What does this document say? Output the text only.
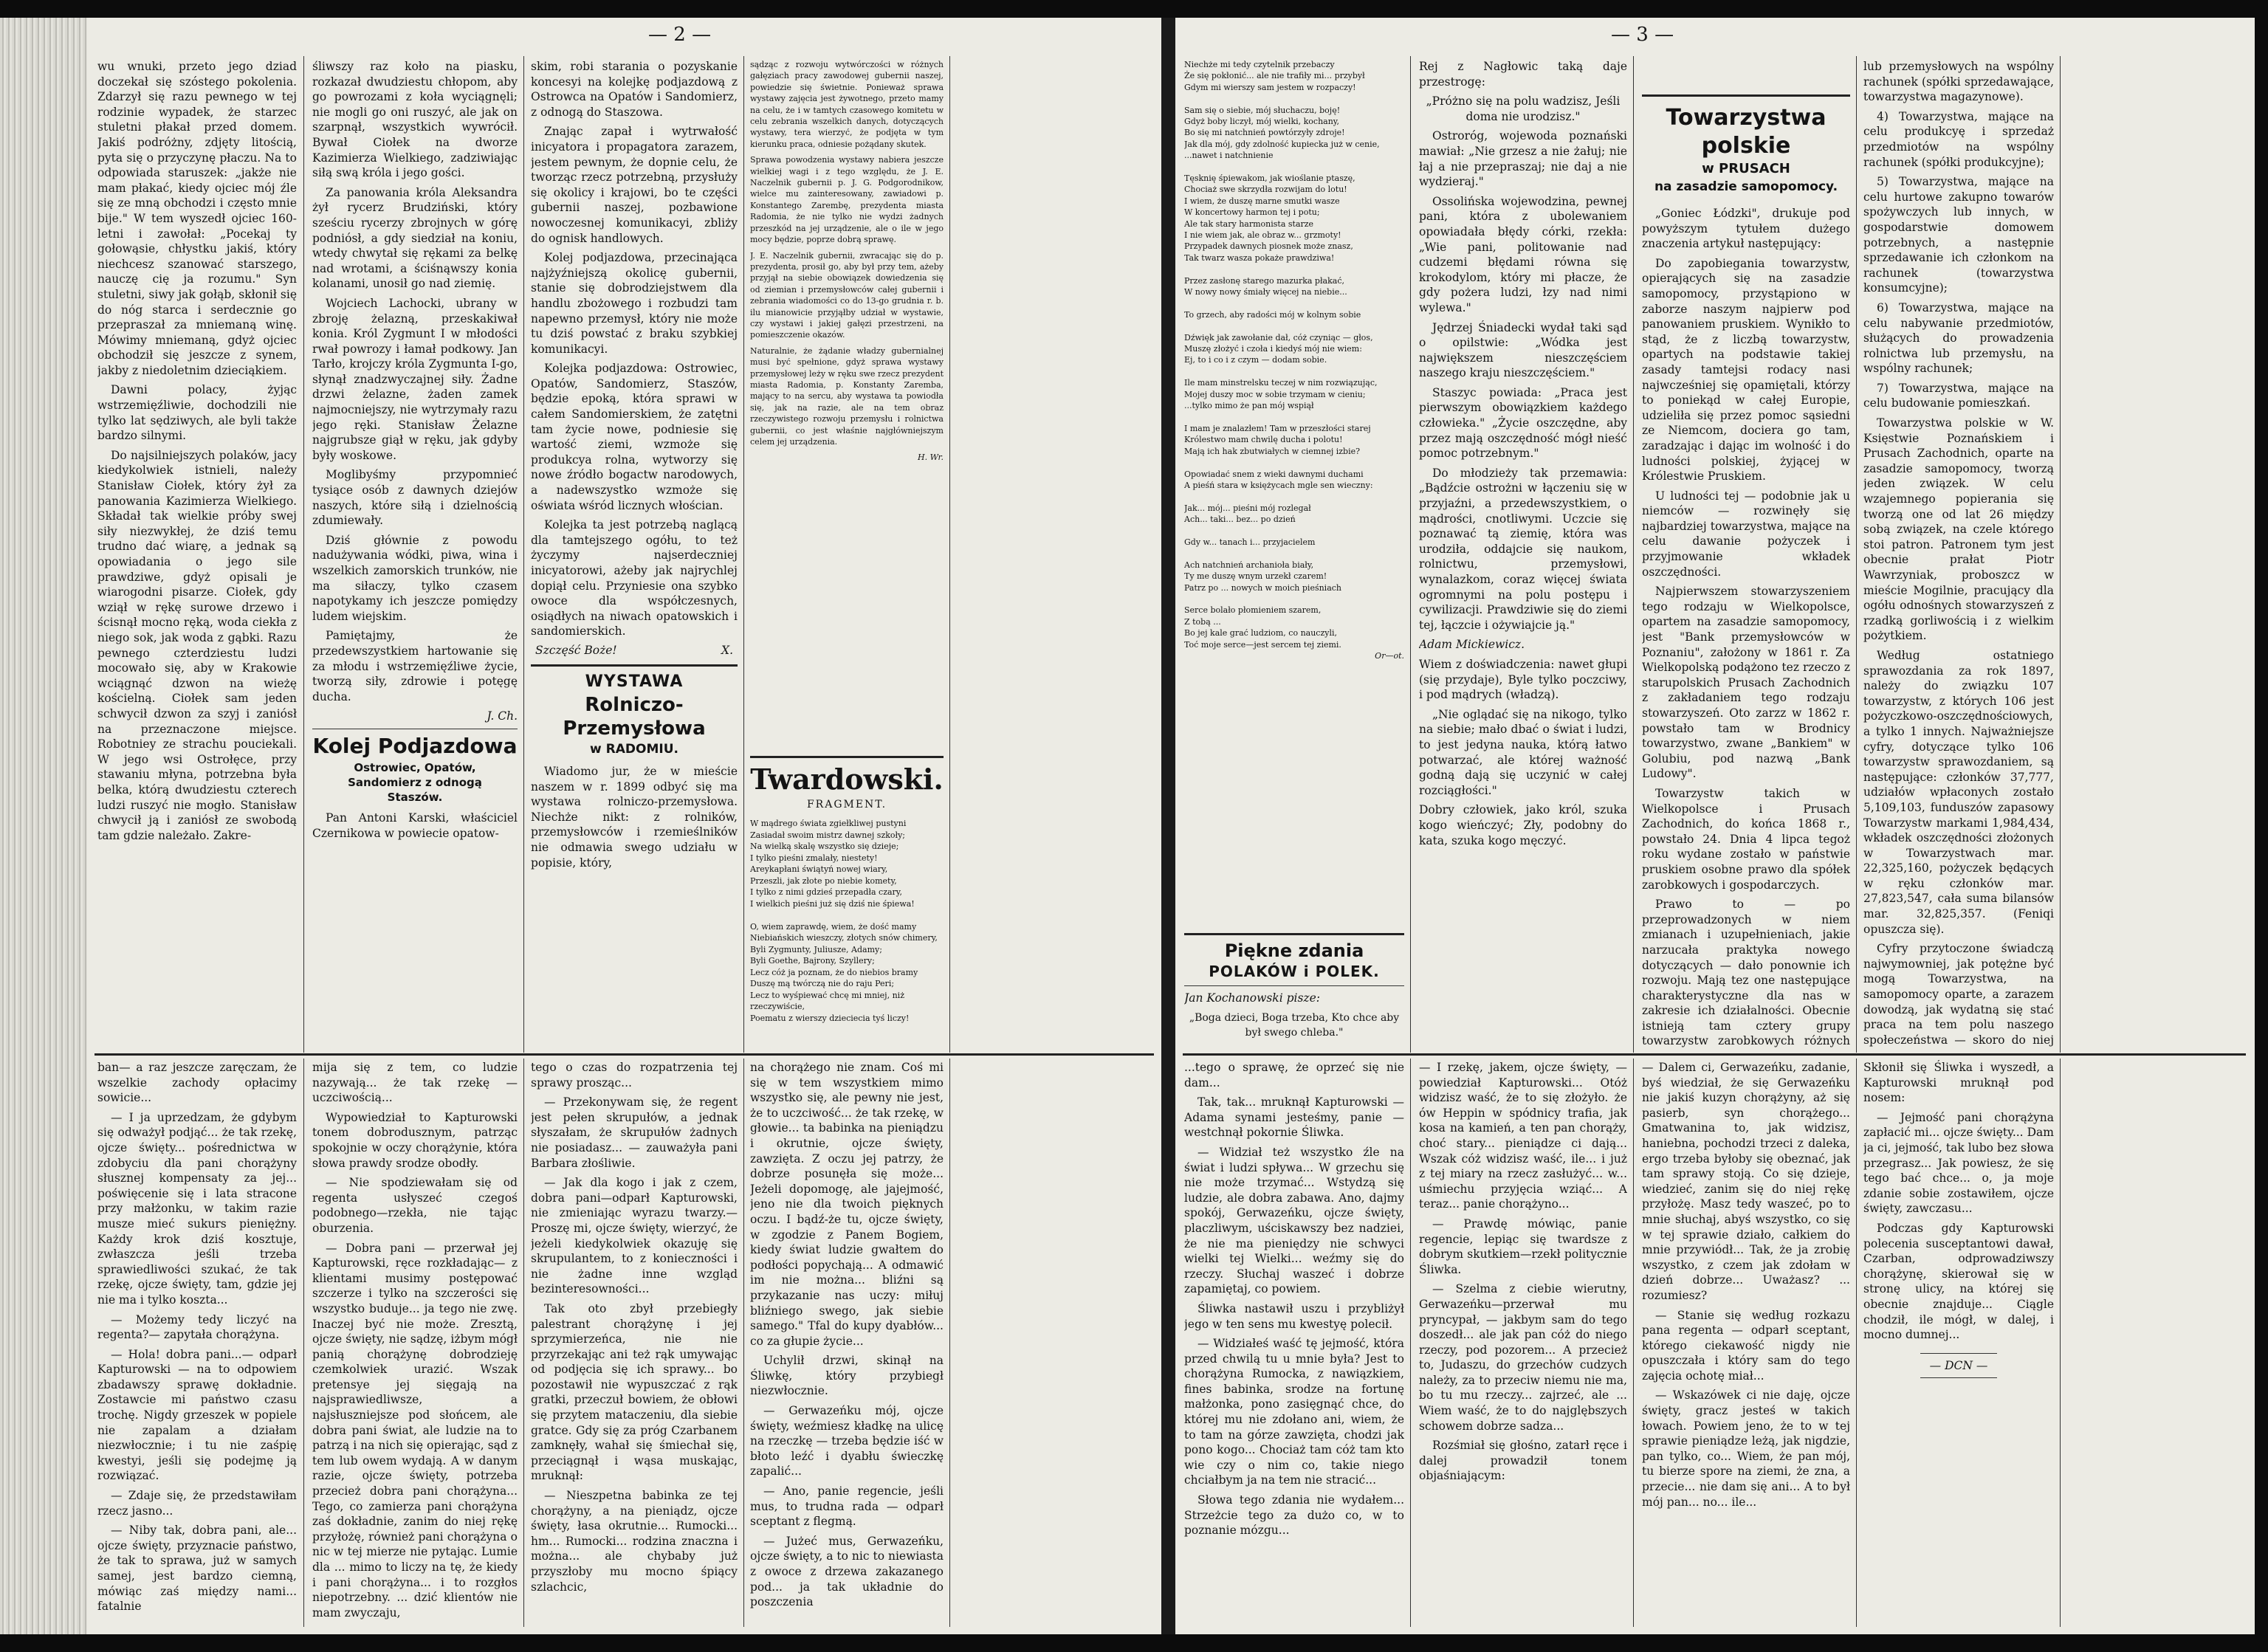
— 2 —

wu wnuki, przeto jego dziad doczekał się szóstego pokolenia. Zdarzył się razu pewnego w tej rodzinie wypadek, że starzec stuletni płakał przed domem. Jakiś podróżny, zdjęty litością, pyta się o przyczynę płaczu. Na to odpowiada staruszek: „jakże nie mam płakać, kiedy ojciec mój źle się ze mną obchodzi i często mnie bije." W tem wyszedł ojciec 160-letni i zawołał: „Pocekaj ty gołowąsie, chłystku jakiś, który niechcesz szanować starszego, nauczę cię ja rozumu." Syn stuletni, siwy jak gołąb, skłonił się do nóg starca i serdecznie go przepraszał za mniemaną winę. Mówimy mniemaną, gdyż ojciec obchodził się jeszcze z synem, jakby z niedoletnim dzieciąkiem.

Dawni polacy, żyjąc wstrzemięźliwie, dochodzili nie tylko lat sędziwych, ale byli także bardzo silnymi.

Do najsilniejszych polaków, jacy kiedykolwiek istnieli, należy Stanisław Ciołek, który żył za panowania Kazimierza Wielkiego. Składał tak wielkie próby swej siły niezwykłej, że dziś temu trudno dać wiarę, a jednak są opowiadania o jego sile prawdziwe, gdyż opisali je wiarogodni pisarze. Ciołek, gdy wziął w rękę surowe drzewo i ścisnął mocno ręką, woda ciekła z niego sok, jak woda z gąbki. Razu pewnego czterdziestu ludzi mocowało się, aby w Krakowie wciągnąć dzwon na wieżę kościelną. Ciołek sam jeden schwycił dzwon za szyj i zaniósł na przeznaczone miejsce. Robotniey ze strachu pouciekali. W jego wsi Ostrołęce, przy stawaniu młyna, potrzebna była belka, którą dwudziestu czterech ludzi ruszyć nie mogło. Stanisław chwycił ją i zaniósł ze swobodą tam gdzie należało. Zakre-

śliwszy raz koło na piasku, rozkazał dwudziestu chłopom, aby go powrozami z koła wyciągnęli; nie mogli go oni ruszyć, ale jak on szarpnął, wszystkich wywrócił. Bywał Ciołek na dworze Kazimierza Wielkiego, zadziwiając siłą swą króla i jego gości.

Za panowania króla Aleksandra żył rycerz Brudziński, który sześciu rycerzy zbrojnych w górę podniósł, a gdy siedział na koniu, wtedy chwytał się rękami za belkę nad wrotami, a ściśnąwszy konia kolanami, unosił go nad ziemię.

Wojciech Lachocki, ubrany w zbroję żelazną, przeskakiwał konia. Król Zygmunt I w młodości rwał powrozy i łamał podkowy. Jan Tarło, krojczy króla Zygmunta I-go, słynął znadzwyczajnej siły. Żadne drzwi żelazne, żaden zamek najmocniejszy, nie wytrzymały razu jego ręki. Stanisław Żelazne najgrubsze giął w ręku, jak gdyby były woskowe.

Moglibyśmy przypomnieć tysiące osób z dawnych dziejów naszych, które siłą i dzielnością zdumiewały.

Dziś głównie z powodu nadużywania wódki, piwa, wina i wszelkich zamorskich trunków, nie ma siłaczy, tylko czasem napotykamy ich jeszcze pomiędzy ludem wiejskim.

Pamiętajmy, że przedewszystkiem hartowanie się za młodu i wstrzemięźliwe życie, tworzą siły, zdrowie i potęgę ducha.

J. Ch.

Kolej Podjazdowa
Ostrowiec, Opatów, Sandomierz z odnogą Staszów.

Pan Antoni Karski, właściciel Czernikowa w powiecie opatow-

skim, robi starania o pozyskanie koncesyi na kolejkę podjazdową z Ostrowca na Opatów i Sandomierz, z odnogą do Staszowa.

Znając zapał i wytrwałość inicyatora i propagatora zarazem, jestem pewnym, że dopnie celu, że tworząc rzecz potrzebną, przysłuży się okolicy i krajowi, bo te części gubernii naszej, pozbawione nowoczesnej komunikacyi, zbliży do ognisk handlowych.

Kolej podjazdowa, przecinająca najżyźniejszą okolicę gubernii, stanie się dobrodziejstwem dla handlu zbożowego i rozbudzi tam napewno przemysł, który nie może tu dziś powstać z braku szybkiej komunikacyi.

Kolejka podjazdowa: Ostrowiec, Opatów, Sandomierz, Staszów, będzie epoką, która sprawi w całem Sandomierskiem, że zatętni tam życie nowe, podniesie się wartość ziemi, wzmoże się produkcya rolna, wytworzy się nowe źródło bogactw narodowych, a nadewszystko wzmoże się oświata wśród licznych włościan.

Kolejka ta jest potrzebą naglącą dla tamtejszego ogółu, to też życzymy najserdeczniej inicyatorowi, ażeby jak najrychlej dopiął celu. Przyniesie ona szybko owoce dla współczesnych, osiądłych na niwach opatowskich i sandomierskich.

Szczęść Boże!	X.
WYSTAWA
Rolniczo-Przemysłowa
w RADOMIU.

Wiadomo jur, że w mieście naszem w r. 1899 odbyć się ma wystawa rolniczo-przemysłowa. Niechże nikt: z rolników, przemysłowców i rzemieślników nie odmawia swego udziału w popisie, który,

sądząc z rozwoju wytwórczości w różnych gałęziach pracy zawodowej gubernii naszej, powiedzie się świetnie. Ponieważ sprawa wystawy zajęcia jest żywotnego, przeto mamy na celu, że i w tamtych czasowego komitetu w celu zebrania wszelkich danych, dotyczących wystawy, tera wierzyć, że podjęta w tym kierunku praca, odniesie pożądany skutek.

Sprawa powodzenia wystawy nabiera jeszcze wielkiej wagi i z tego względu, że J. E. Naczelnik gubernii p. J. G. Podgorodnikow, wielce mu zainteresowany, zawiadowi p. Konstantego Zarembę, prezydenta miasta Radomia, że nie tylko nie wydzi żadnych przeszkód na jej urządzenie, ale o ile w jego mocy będzie, poprze dobrą sprawę.

J. E. Naczelnik gubernii, zwracając się do p. prezydenta, prosił go, aby był przy tem, ażeby przyjął na siebie obowiązek dowiedzenia się od ziemian i przemysłowców całej gubernii i zebrania wiadomości co do 13-go grudnia r. b. ilu mianowicie przyjąłby udział w wystawie, czy wystawi i jakiej gałęzi przestrzeni, na pomieszczenie okazów.

Naturalnie, że żądanie władzy gubernialnej musi być spełnione, gdyż sprawa wystawy przemysłowej leży w ręku swe rzecz prezydent miasta Radomia, p. Konstanty Zaremba, mający to na sercu, aby wystawa ta powiodła się, jak na razie, ale na tem obraz rzeczywistego rozwoju przemysłu i rolnictwa gubernii, co jest właśnie najgłówniejszym celem jej urządzenia.

H. Wr.

Twardowski.
FRAGMENT.
W mądrego świata zgiełkliwej pustyni
Zasiadał swoim mistrz dawnej szkoły;
Na wielką skalę wszystko się dzieje;
I tylko pieśni zmalały, niestety!
Areykapłani świątyń nowej wiary,
Przeszli, jak złote po niebie komety,
I tylko z nimi gdzieś przepadła czary,
I wielkich pieśni już się dziś nie śpiewa!
O, wiem zaprawdę, wiem, że dość mamy
Niebiańskich wieszczy, złotych snów chimery,
Byli Zygmunty, Juliusze, Adamy;
Byli Goethe, Bajrony, Szyllery;
Lecz cóż ja poznam, że do niebios bramy
Duszę mą twórczą nie do raju Peri;
Lecz to wyśpiewać chcę mi mniej, niż rzeczywiście,
Poematu z wierszy dzieciecia tyś liczy!

ban— a raz jeszcze zaręczam, że wszelkie zachody opłacimy sowicie...

— I ja uprzedzam, że gdybym się odważył podjąć... że tak rzekę, ojcze święty... pośrednictwa w zdobyciu dla pani chorążyny słusznej kompensaty za jej... poświęcenie się i lata stracone przy małżonku, w takim razie musze mieć sukurs pieniężny. Każdy krok dziś kosztuje, zwłaszcza jeśli trzeba sprawiedliwości szukać, że tak rzekę, ojcze święty, tam, gdzie jej nie ma i tylko koszta...

— Możemy tedy liczyć na regenta?— zapytała chorążyna.

— Hola! dobra pani...— odparł Kapturowski — na to odpowiem zbadawszy sprawę dokładnie. Zostawcie mi państwo czasu trochę. Nigdy grzeszek w popiele nie zapalam a działam niezwłocznie; i tu nie zaśpię kwestyi, jeśli się podejmę ją rozwiązać.

— Zdaje się, że przedstawiłam rzecz jasno...

— Niby tak, dobra pani, ale... ojcze święty, przyznacie państwo, że tak to sprawa, już w samych samej, jest bardzo ciemną, mówiąc zaś między nami... fatalnie

mija się z tem, co ludzie nazywają... że tak rzekę — uczciwością...

Wypowiedział to Kapturowski tonem dobrodusznym, patrząc spokojnie w oczy chorążynie, która słowa prawdy srodze obodły.

— Nie spodziewałam się od regenta usłyszeć czegoś podobnego—rzekła, nie tając oburzenia.

— Dobra pani — przerwał jej Kapturowski, ręce rozkładając— z klientami musimy postępować szczerze i tylko na szczerości się wszystko buduje... ja tego nie zwę. Inaczej być nie może. Zresztą, ojcze święty, nie sądzę, iżbym mógł panią chorążynę dobrodzieję czemkolwiek urazić. Wszak pretensye jej sięgają na najsprawiedliwsze, a najsłuszniejsze pod słońcem, ale dobra pani świat, ale ludzie na to patrzą i na nich się opierając, sąd z tem lub owem wydają. A w danym razie, ojcze święty, potrzeba przecież dobra pani chorążyna... Tego, co zamierza pani chorążyna zaś dokładnie, zanim do niej rękę przyłożę, również pani chorążyna o nic w tej mierze nie pytając. Lumie dla ... mimo to liczy na tę, że kiedy i pani chorążyna... i to rozgłos niepotrzebny. ... dzić klientów nie mam zwyczaju,

tego o czas do rozpatrzenia tej sprawy prosząc...

— Przekonywam się, że regent jest pełen skrupułów, a jednak słyszałam, że skrupułów żadnych nie posiadasz... — zauważyła pani Barbara złośliwie.

— Jak dla kogo i jak z czem, dobra pani—odparł Kapturowski, nie zmieniając wyrazu twarzy.— Proszę mi, ojcze święty, wierzyć, że jeżeli kiedykolwiek okazuję się skrupulantem, to z konieczności i nie żadne inne wzgląd bezinteresowności...

Tak oto zbył przebiegły palestrant chorążynę i jej sprzymierzeńca, nie nie przyrzekając ani też rąk umywając od podjęcia się ich sprawy... bo pozostawił nie wypuszczać z rąk gratki, przeczuł bowiem, że obłowi się przytem mataczeniu, dla siebie gratce. Gdy się za próg Czarbanem zamknęły, wahał się śmiechał się, przeciągnął i wąsa muskając, mruknął:

— Nieszpetna babinka ze tej chorążyny, a na pieniądz, ojcze święty, łasa okrutnie... Rumocki... hm... Rumocki... rodzina znaczna i można... ale chybaby już przyszłoby mu mocno śpiący szlachcic,

na chorążego nie znam. Coś mi się w tem wszystkiem mimo wszystko się, ale pewny nie jest, że to uczciwość... że tak rzekę, w głowie... ta babinka na pieniądzu i okrutnie, ojcze święty, zawzięta. Z oczu jej patrzy, że dobrze posunęła się może... Jeżeli dopomogę, ale jajejmość, jeno nie dla twoich pięknych oczu. I bądź-że tu, ojcze święty, w zgodzie z Panem Bogiem, kiedy świat ludzie gwałtem do podłości popychają... A odmawić im nie można... bliźni są przykazanie nas uczy: miłuj bliźniego swego, jak siebie samego." Tfal do kupy dyabłów... co za głupie życie...

Uchylił drzwi, skinął na Śliwkę, który przybiegł niezwłocznie.

— Gerwazeńku mój, ojcze święty, weźmiesz kładkę na ulicę na rzeczkę — trzeba będzie iść w błoto leźć i dyabłu świeczkę zapalić...

— Ano, panie regencie, jeśli mus, to trudna rada — odparł sceptant z flegmą.

— Jużeć mus, Gerwazeńku, ojcze święty, a to nic to niewiasta z owoce z drzewa zakazanego pod... ja tak układnie do poszczenia

— 3 —
Niechże mi tedy czytelnik przebaczy
Że się pokłonić... ale nie trafiły mi... przybył
Gdym mi wierszy sam jestem w rozpaczy!
Sam się o siebie, mój słuchaczu, boję!
Gdyż boby liczył, mój wielki, kochany,
Bo się mi natchnień powtórzyły zdroje!
Jak dla mój, gdy zdolność kupiecka już w cenie,
...nawet i natchnienie
Tęsknię śpiewakom, jak wioślanie ptaszę,
Chociaż swe skrzydła rozwijam do lotu!
I wiem, że duszę marne smutki wasze
W koncertowy harmon tej i potu;
Ale tak stary harmonista starze
I nie wiem jak, ale obraz w... grzmoty!
Przypadek dawnych piosnek może znasz,
Tak twarz wasza pokaże prawdziwa!
Przez zasłonę starego mazurka płakać,
W nowy nowy śmiały więcej na niebie...
To grzech, aby radości mój w kolnym sobie
Dźwięk jak zawołanie dał, cóż czyniąc — głos,
Muszę złożyć i czoła i kiedyś mój nie wiem:
Ej, to i co i z czym — dodam sobie.
Ile mam minstrelsku teczej w nim rozwiązując,
Mojej duszy moc w sobie trzymam w cieniu;
...tylko mimo że pan mój wspiął
I mam je znalazłem! Tam w przeszłości starej
Królestwo mam chwilę ducha i polotu!
Mają ich hak zbutwiałych w ciemnej izbie?
Opowiadać snem z wieki dawnymi duchami
A pieśń stara w księżycach mgle sen wieczny:
Jak... mój... pieśni mój rozlegał
Ach... taki... bez... po dzień
Gdy w... tanach i... przyjacielem
Ach natchnień archanioła biały,
Ty me duszę wnym urzekł czarem!
Patrz po ... nowych w moich pieśniach
Serce bolało płomieniem szarem,
Z tobą ...
Bo jej kale grać ludziom, co nauczyli,
Toć moje serce—jest sercem tej ziemi.

Or—ot.

Piękne zdania
POLAKÓW i POLEK.

Jan Kochanowski pisze:

„Boga dzieci, Boga trzeba, Kto chce aby był swego chleba."

Rej z Nagłowic taką daje przestrogę:

„Próżno się na polu wadzisz, Jeśli doma nie urodzisz."

Ostroróg, wojewoda poznański mawiał: „Nie grzesz a nie żałuj; nie łaj a nie przepraszaj; nie daj a nie wydzieraj."

Ossolińska wojewodzina, pewnej pani, która z ubolewaniem opowiadała błędy córki, rzekła: „Wie pani, politowanie nad cudzemi błędami równa się krokodylom, który mi płacze, że gdy pożera ludzi, łzy nad nimi wylewa."

Jędrzej Śniadecki wydał taki sąd o opilstwie: „Wódka jest największem nieszczęściem naszego kraju nieszczęściem."

Staszyc powiada: „Praca jest pierwszym obowiązkiem każdego człowieka." „Życie oszczędne, aby przez mają oszczędność mógł nieść pomoc potrzebnym."

Do młodzieży tak przemawia: „Bądźcie ostrożni w łączeniu się w przyjaźni, a przedewszystkiem, o mądrości, cnotliwymi. Uczcie się poznawać tą ziemię, która was urodziła, oddajcie się naukom, rolnictwu, przemysłowi, wynalazkom, coraz więcej świata ogromnymi na polu postępu i cywilizacji. Prawdziwie się do ziemi tej, łączcie i ożywiajcie ją."

Adam Mickiewicz.

Wiem z doświadczenia: nawet głupi (się przydaje), Byle tylko poczciwy, i pod mądrych (władzą).

„Nie oglądać się na nikogo, tylko na siebie; mało dbać o świat i ludzi, to jest jedyna nauka, którą łatwo potwarzać, ale której ważność godną dają się uczynić w całej rozciągłości."

Dobry człowiek, jako król, szuka kogo wieńczyć; Zły, podobny do kata, szuka kogo męczyć.

Towarzystwa polskie
w PRUSACH
na zasadzie samopomocy.

„Goniec Łódzki", drukuje pod powyższym tytułem dużego znaczenia artykuł następujący:

Do zapobiegania towarzystw, opierających się na zasadzie samopomocy, przystąpiono w zaborze naszym najpierw pod panowaniem pruskiem. Wynikło to stąd, że z liczbą towarzystw, opartych na podstawie takiej zasady tamtejsi rodacy nasi najwcześniej się opamiętali, którzy to poniekąd w całej Europie, udzieliła się przez pomoc sąsiedni ze Niemcom, dociera go tam, zaradzając i dając im wolność i do ludności polskiej, żyjącej w Królestwie Pruskiem.

U ludności tej — podobnie jak u niemców — rozwinęły się najbardziej towarzystwa, mające na celu dawanie pożyczek i przyjmowanie wkładek oszczędności.

Najpierwszem stowarzyszeniem tego rodzaju w Wielkopolsce, opartem na zasadzie samopomocy, jest "Bank przemysłowców w Poznaniu", założony w 1861 r. Za Wielkopolską podążono tez rzeczo z starupolskich Prusach Zachodnich z zakładaniem tego rodzaju stowarzyszeń. Oto zarzz w 1862 r. powstało tam w Brodnicy towarzystwo, zwane „Bankiem" w Golubiu, pod nazwą „Bank Ludowy".

Towarzystw takich w Wielkopolsce i Prusach Zachodnich, do końca 1868 r., powstało 24. Dnia 4 lipca tegoż roku wydane zostało w państwie pruskiem osobne prawo dla spółek zarobkowych i gospodarczych.

Prawo to — po przeprowadzonych w niem zmianach i uzupełnieniach, jakie narzucała praktyka nowego dotyczących — dało ponownie ich rozwoju. Mają tez one następujące charakterystyczne dla nas w zakresie ich działalności. Obecnie istnieją tam cztery grupy towarzystw zarobkowych różnych

lub przemysłowych na wspólny rachunek (spółki sprzedawające, towarzystwa magazynowe).

4) Towarzystwa, mające na celu produkcyę i sprzedaż przedmiotów na wspólny rachunek (spółki produkcyjne);

5) Towarzystwa, mające na celu hurtowe zakupno towarów spożywczych lub innych, w gospodarstwie domowem potrzebnych, a następnie sprzedawanie ich członkom na rachunek (towarzystwa konsumcyjne);

6) Towarzystwa, mające na celu nabywanie przedmiotów, służących do prowadzenia rolnictwa lub przemysłu, na wspólny rachunek;

7) Towarzystwa, mające na celu budowanie pomieszkań.

Towarzystwa polskie w W. Księstwie Poznańskiem i Prusach Zachodnich, oparte na zasadzie samopomocy, tworzą jeden związek. W celu wzajemnego popierania się tworzą one od lat 26 między sobą związek, na czele którego stoi patron. Patronem tym jest obecnie prałat Piotr Wawrzyniak, proboszcz w mieście Mogilnie, pracujący dla ogółu odnośnych stowarzyszeń z rzadką gorliwością i z wielkim pożytkiem.

Według ostatniego sprawozdania za rok 1897, należy do związku 107 towarzystw, z których 106 jest pożyczkowo-oszczędnościowych, a tylko 1 innych. Najważniejsze cyfry, dotyczące tylko 106 towarzystw sprawozdaniem, są następujące: członków 37,777, udziałów wpłaconych zostało 5,109,103, funduszów zapasowy Towarzystw markami 1,984,434, wkładek oszczędności złożonych w Towarzystwach mar. 22,325,160, pożyczek będących w ręku członków mar. 27,823,547, cała suma bilansów mar. 32,825,357. (Feniqi opuszcza się).

Cyfry przytoczone świadczą najwymowniej, jak potężne być mogą Towarzystwa, na samopomocy oparte, a zarazem dowodzą, jak wydatną się stać praca na tem polu naszego społeczeństwa — skoro do niej

...tego o sprawę, że oprzeć się nie dam...

Tak, tak... mruknął Kapturowski — Adama synami jesteśmy, panie — westchnął pokornie Śliwka.

— Widział też wszystko źle na świat i ludzi spływa... W grzechu się nie może trzymać... Wstydzą się ludzie, ale dobra zabawa. Ano, dajmy spokój, Gerwazeńku, ojcze święty, placzliwym, uściskawszy bez nadziei, że nie ma pieniędzy nie schwyci wielki tej Wielki... weźmy się do rzeczy. Słuchaj waszeć i dobrze zapamiętaj, co powiem.

Śliwka nastawił uszu i przybliżył jego w ten sens mu kwestyę polecił.

— Widziałeś waść tę jejmość, która przed chwilą tu u mnie była? Jest to chorążyna Rumocka, z nawiązkiem, fines babinka, srodze na fortunę małżonka, pono zasięgnąć chce, do której mu nie zdołano ani, wiem, że to tam na górze zawzięta, chodzi jak pono kogo... Chociaż tam cóż tam kto wie czy o nim co, takie niego chciałbym ja na tem nie stracić...

Słowa tego zdania nie wydałem... Strzeżcie tego za dużo co, w to poznanie mózgu...

— I rzekę, jakem, ojcze święty, — powiedział Kapturowski... Otóż widzisz waść, że to się złożyło. że ów Heppin w spódnicy trafia, jak kosa na kamień, a ten pan chorąży, choć stary... pieniądze ci dają... Wszak cóż widzisz waść, ile... i już z tej miary na rzecz zasłużyć... w... uśmiechu przyjęcia wziąć... A teraz... panie chorążyno...

— Prawdę mówiąc, panie regencie, lepiąc się twardsze z dobrym skutkiem—rzekł politycznie Śliwka.

— Szelma z ciebie wierutny, Gerwazeńku—przerwał mu pryncypał, — jakbym sam do tego doszedł... ale jak pan cóż do niego rzeczy, pod pozorem... A przecież to, Judaszu, do grzechów cudzych należy, za to przeciw niemu nie ma, bo tu mu rzeczy... zajrzeć, ale ... Wiem waść, że to do najglębszych schowem dobrze sadza...

Rozśmiał się głośno, zatarł ręce i dalej prowadził tonem objaśniającym:

— Dalem ci, Gerwazeńku, zadanie, byś wiedział, że się Gerwazeńku nie jakiś kuzyn chorążyny, aż się pasierb, syn chorążego... Gmatwanina to, jak widzisz, haniebna, pochodzi trzeci z daleka, ergo trzeba byłoby się obeznać, jak tam sprawy stoją. Co się dzieje, wiedzieć, zanim się do niej rękę przyłożę. Masz tedy waszeć, po to mnie słuchaj, abyś wszystko, co się w tej sprawie działo, całkiem do mnie przywiódł... Tak, że ja zrobię wszystko, z czem jak zdołam w dzień dobrze... Uważasz? ... rozumiesz?

— Stanie się według rozkazu pana regenta — odparł sceptant, którego ciekawość nigdy nie opuszczała i który sam do tego zajęcia ochotę miał...

— Wskazówek ci nie daję, ojcze święty, gracz jesteś w takich łowach. Powiem jeno, że to w tej sprawie pieniądze leżą, jak nigdzie, pan tylko, co... Wiem, że pan mój, tu bierze spore na ziemi, że zna, a przecie... nie dam się ani... A to był mój pan... no... ile...

Skłonił się Śliwka i wyszedł, a Kapturowski mruknął pod nosem:

— Jejmość pani chorążyna zapłacić mi... ojcze święty... Dam ja ci, jejmość, tak lubo bez słowa przegrasz... Jak powiesz, że się tego bać chce... o, ja moje zdanie sobie zostawiłem, ojcze święty, zawczasu...

Podczas gdy Kapturowski polecenia susceptantowi dawał, Czarban, odprowadziwszy chorążynę, skierował się w stronę ulicy, na której się obecnie znajduje... Ciągle chodził, ile mógł, w dalej, i mocno dumnej...

— DCN —
